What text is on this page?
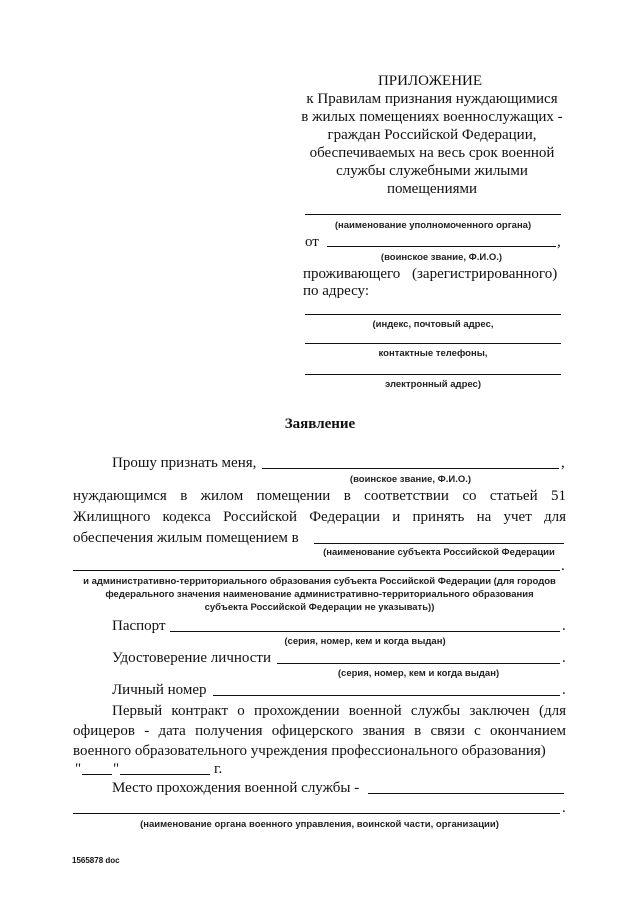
ПРИЛОЖЕНИЕ
к Правилам признания нуждающимися
в жилых помещениях военнослужащих -
граждан Российской Федерации,
обеспечиваемых на весь срок военной
службы служебными жилыми
помещениями
(наименование уполномоченного органа)
от	,
(воинское звание, Ф.И.О.)
проживающего (зарегистрированного)
по адресу:
(индекс, почтовый адрес,
контактные телефоны,
электронный адрес)
Заявление
Прошу признать меня,	,
(воинское звание, Ф.И.О.)
нуждающимся в жилом помещении в соответствии со статьей 51
Жилищного кодекса Российской Федерации и принять на учет для
обеспечения жилым помещением в
(наименование субъекта Российской Федерации
.
и административно-территориального образования субъекта Российской Федерации (для городов
федерального значения наименование административно-территориального образования
субъекта Российской Федерации не указывать))
Паспорт	.
(серия, номер, кем и когда выдан)
Удостоверение личности	.
(серия, номер, кем и когда выдан)
Личный номер	.
Первый контракт о прохождении военной службы заключен (для
офицеров - дата получения офицерского звания в связи с окончанием
военного образовательного учреждения профессионального образования)
" "	г.
Место прохождения военной службы -
.
(наименование органа военного управления, воинской части, организации)
1565878 doc
